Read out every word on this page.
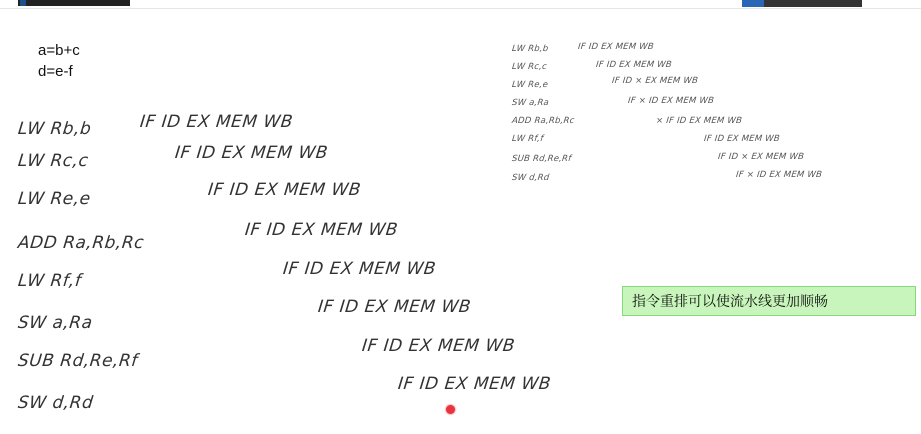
a=b+c
d=e-f
LW Rb,b
LW Rc,c
LW Re,e
ADD Ra,Rb,Rc
LW Rf,f
SW a,Ra
SUB Rd,Re,Rf
SW d,Rd
IF ID EX MEM WB
IF ID EX MEM WB
IF ID EX MEM WB
IF ID EX MEM WB
IF ID EX MEM WB
IF ID EX MEM WB
IF ID EX MEM WB
IF ID EX MEM WB
LW Rb,b
LW Rc,c
LW Re,e
SW a,Ra
ADD Ra,Rb,Rc
LW Rf,f
SUB Rd,Re,Rf
SW d,Rd
IF ID EX MEM WB
IF ID EX MEM WB
IF ID × EX MEM WB
IF × ID EX MEM WB
× IF ID EX MEM WB
IF ID EX MEM WB
IF ID × EX MEM WB
IF × ID EX MEM WB
指令重排可以使流水线更加顺畅
